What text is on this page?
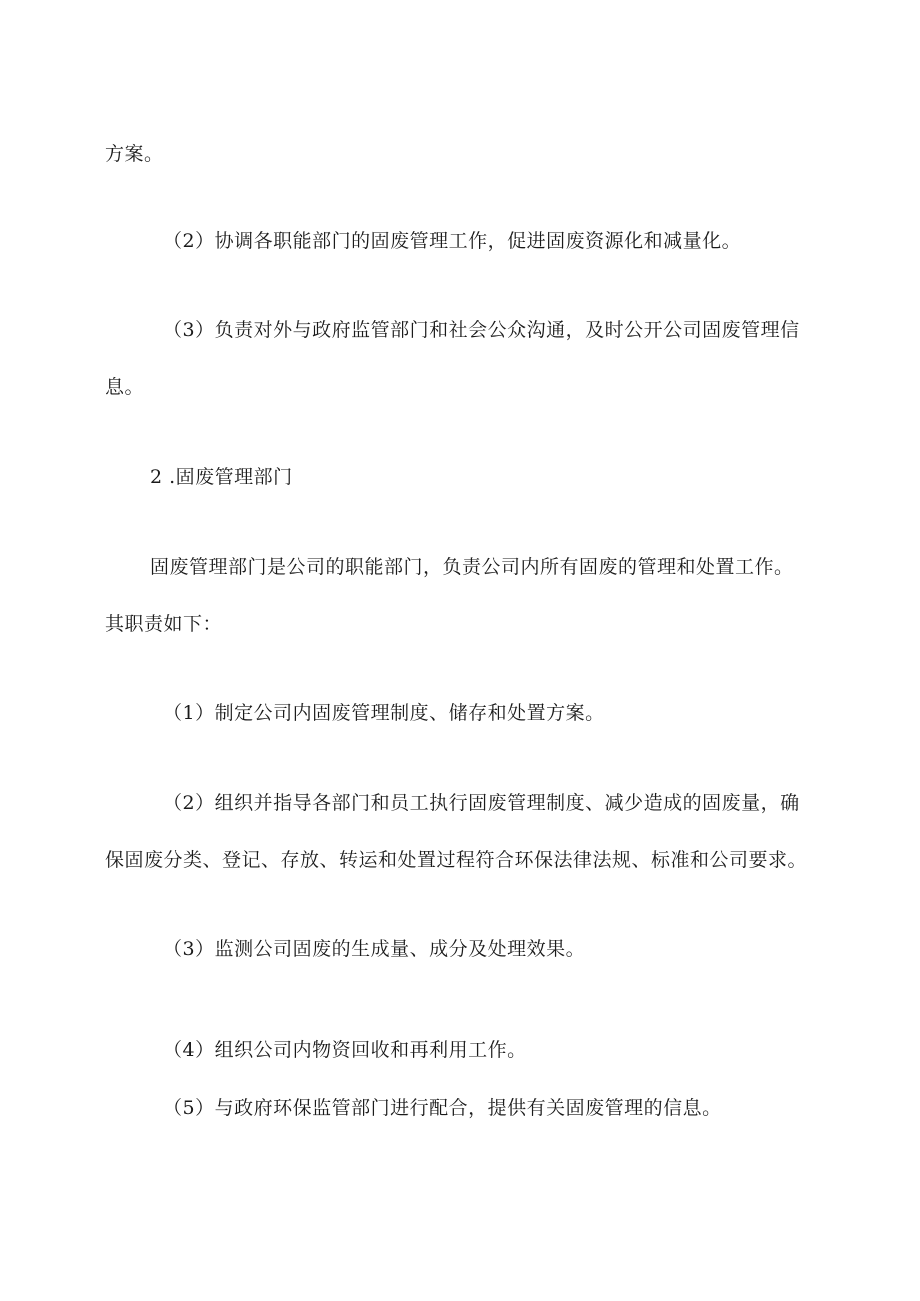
方案。
（2）协调各职能部门的固废管理工作，促进固废资源化和减量化。
（3）负责对外与政府监管部门和社会公众沟通，及时公开公司固废管理信
息。
2 .固废管理部门
固废管理部门是公司的职能部门，负责公司内所有固废的管理和处置工作。
其职责如下：
（1）制定公司内固废管理制度、储存和处置方案。
（2）组织并指导各部门和员工执行固废管理制度、减少造成的固废量，确
保固废分类、登记、存放、转运和处置过程符合环保法律法规、标准和公司要求。
（3）监测公司固废的生成量、成分及处理效果。
（4）组织公司内物资回收和再利用工作。
（5）与政府环保监管部门进行配合，提供有关固废管理的信息。
